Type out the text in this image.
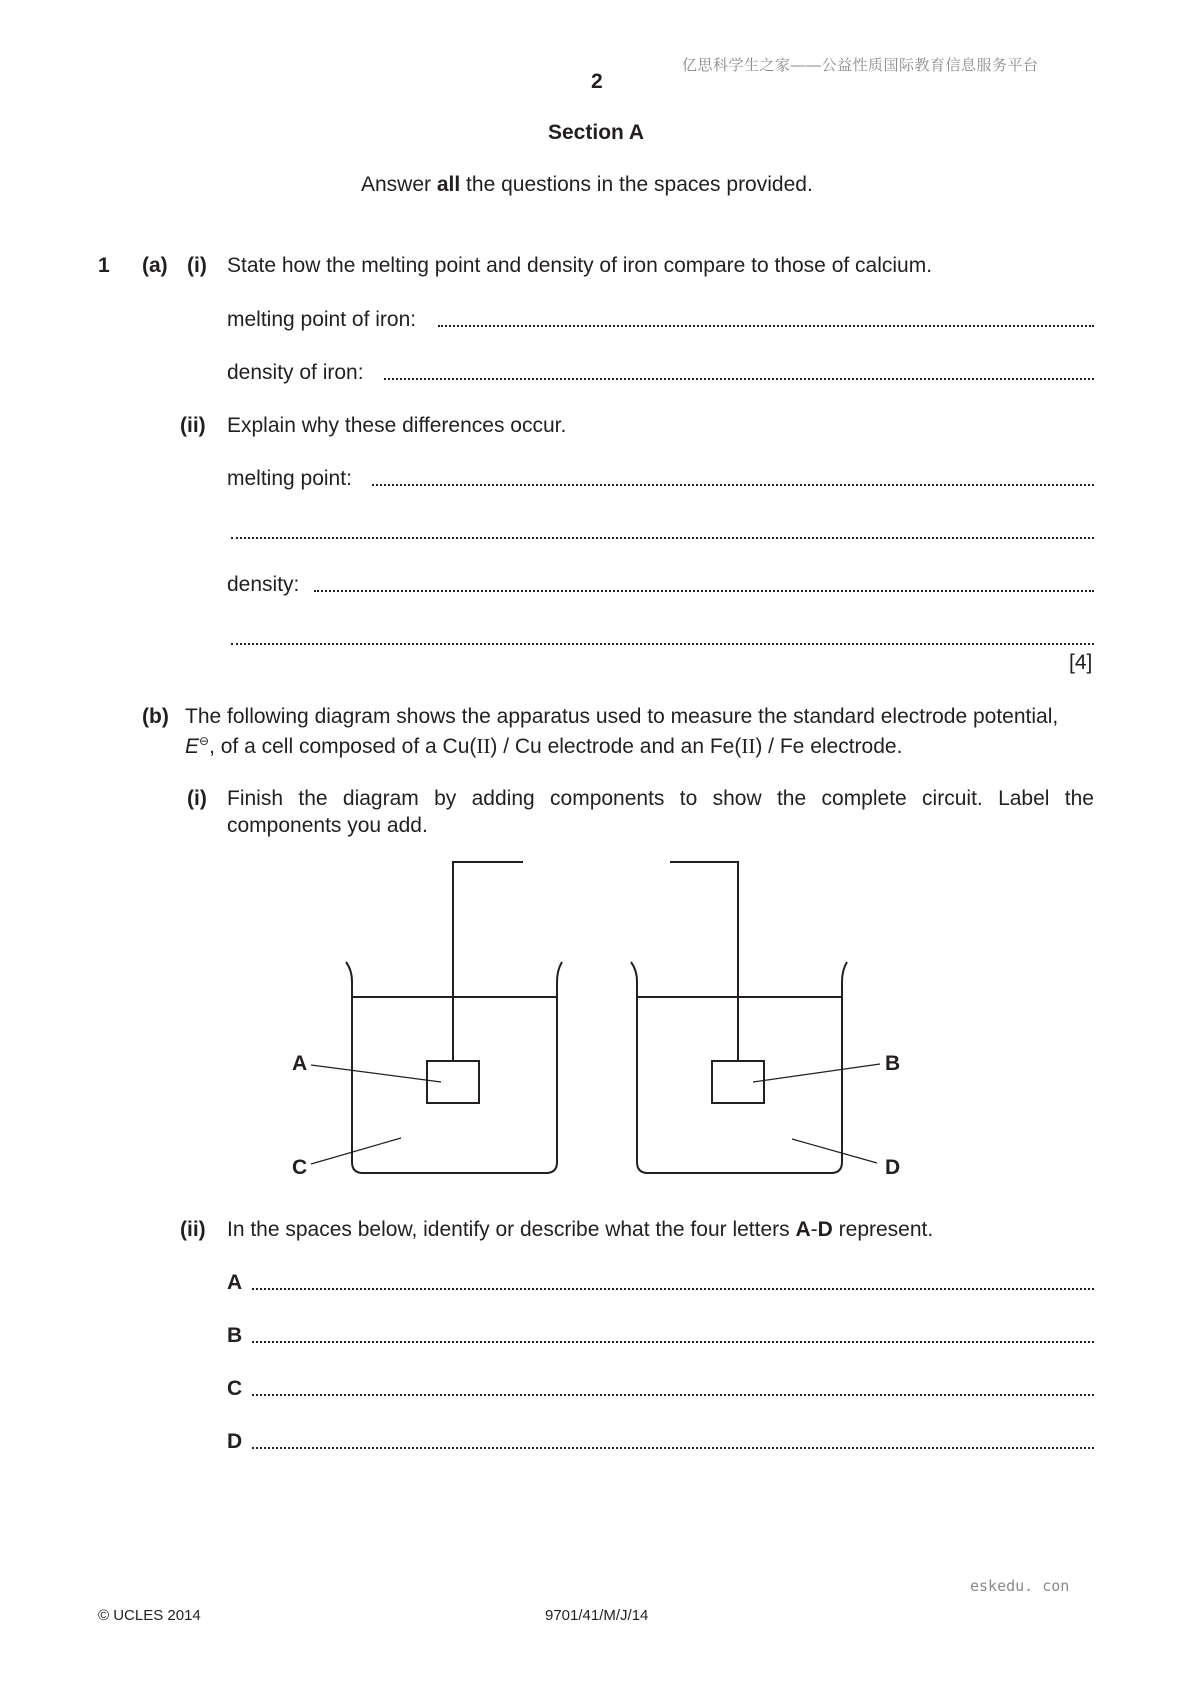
亿思科学生之家——公益性质国际教育信息服务平台
2
Section A
Answer all the questions in the spaces provided.
1 (a) (i) State how the melting point and density of iron compare to those of calcium.
melting point of iron:
density of iron:
(ii) Explain why these differences occur.
melting point:
density:
[4]
(b) The following diagram shows the apparatus used to measure the standard electrode potential,
E⊖, of a cell composed of a Cu(II) / Cu electrode and an Fe(II) / Fe electrode.
(i) Finish the diagram by adding components to show the complete circuit. Label the
components you add.
A
C
B
D
(ii) In the spaces below, identify or describe what the four letters A-D represent.
A
B
C
D
eskedu. con
© UCLES 2014	9701/41/M/J/14
